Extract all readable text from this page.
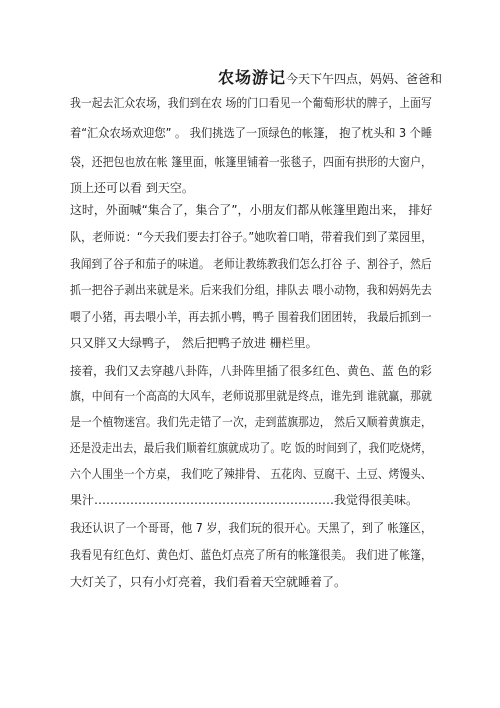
农场游记 今天下午四点，妈妈、爸爸和
我一起去汇众农场，我们到在农 场的门口看见一个葡萄形状的牌子，上面写
着“汇众农场欢迎您” 。 我们挑选了一顶绿色的帐篷， 抱了枕头和 3 个睡
袋，还把包也放在帐 篷里面，帐篷里铺着一张毯子，四面有拱形的大窗户，
顶上还可以看 到天空。
这时，外面喊“集合了，集合了”，小朋友们都从帐篷里跑出来， 排好
队，老师说：“今天我们要去打谷子。”她吹着口哨，带着我们到了菜园里，
我闻到了谷子和茄子的味道。 老师让教练教我们怎么打谷 子、割谷子，然后
抓一把谷子剥出来就是米。后来我们分组，排队去 喂小动物，我和妈妈先去
喂了小猪，再去喂小羊，再去抓小鸭，鸭子 围着我们团团转， 我最后抓到一
只又胖又大绿鸭子， 然后把鸭子放进 栅栏里。
接着，我们又去穿越八卦阵，八卦阵里插了很多红色、黄色、蓝 色的彩
旗，中间有一个高高的大风车，老师说那里就是终点，谁先到 谁就赢，那就
是一个植物迷宫。我们先走错了一次，走到蓝旗那边， 然后又顺着黄旗走，
还是没走出去，最后我们顺着红旗就成功了。吃 饭的时间到了，我们吃烧烤，
六个人围坐一个方桌， 我们吃了辣排骨、 五花肉、豆腐干、土豆、烤馒头、
果汁……………………………………………………我觉得很美味。
我还认识了一个哥哥，他 7 岁，我们玩的很开心。天黑了，到了 帐篷区，
我看见有红色灯、黄色灯、蓝色灯点亮了所有的帐篷很美。 我们进了帐篷，
大灯关了，只有小灯亮着，我们看着天空就睡着了。
